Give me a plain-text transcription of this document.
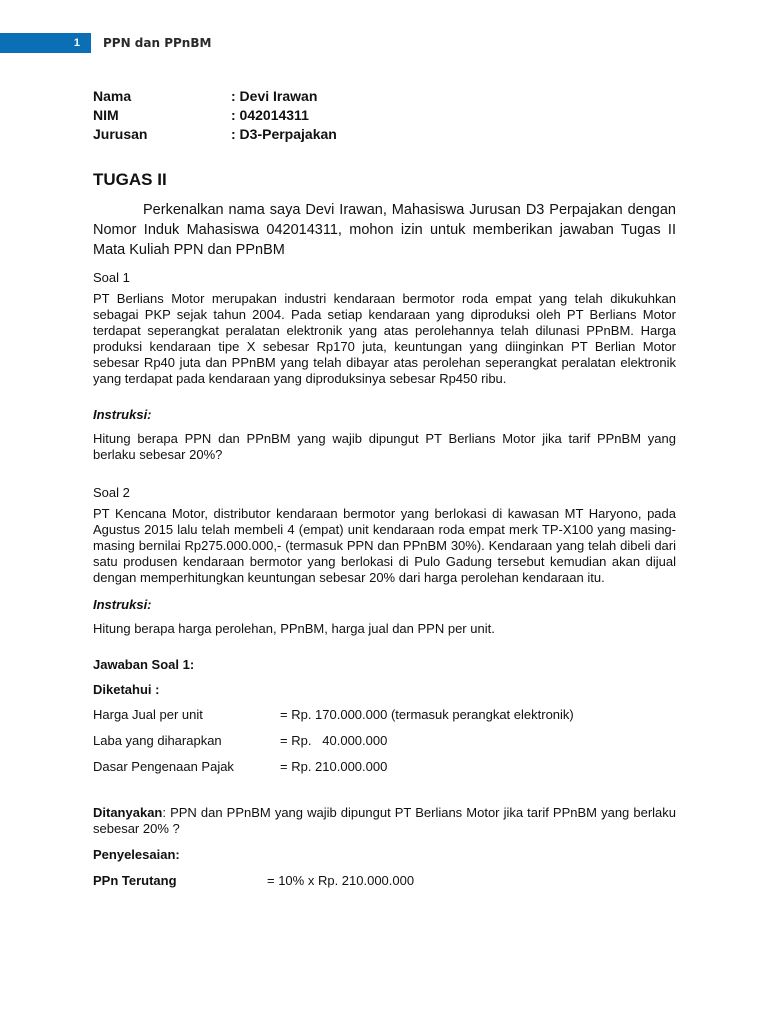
1	PPN dan PPnBM
Nama	: Devi Irawan
NIM	: 042014311
Jurusan	: D3-Perpajakan
TUGAS II

Perkenalkan nama saya Devi Irawan, Mahasiswa Jurusan D3 Perpajakan dengan Nomor Induk Mahasiswa 042014311, mohon izin untuk memberikan jawaban Tugas II Mata Kuliah PPN dan PPnBM

Soal 1

PT Berlians Motor merupakan industri kendaraan bermotor roda empat yang telah dikukuhkan sebagai PKP sejak tahun 2004. Pada setiap kendaraan yang diproduksi oleh PT Berlians Motor terdapat seperangkat peralatan elektronik yang atas perolehannya telah dilunasi PPnBM. Harga produksi kendaraan tipe X sebesar Rp170 juta, keuntungan yang diinginkan PT Berlian Motor sebesar Rp40 juta dan PPnBM yang telah dibayar atas perolehan seperangkat peralatan elektronik yang terdapat pada kendaraan yang diproduksinya sebesar Rp450 ribu.

Instruksi:

Hitung berapa PPN dan PPnBM yang wajib dipungut PT Berlians Motor jika tarif PPnBM yang berlaku sebesar 20%?

Soal 2

PT Kencana Motor, distributor kendaraan bermotor yang berlokasi di kawasan MT Haryono, pada Agustus 2015 lalu telah membeli 4 (empat) unit kendaraan roda empat merk TP-X100 yang masing-masing bernilai Rp275.000.000,- (termasuk PPN dan PPnBM 30%). Kendaraan yang telah dibeli dari satu produsen kendaraan bermotor yang berlokasi di Pulo Gadung tersebut kemudian akan dijual dengan memperhitungkan keuntungan sebesar 20% dari harga perolehan kendaraan itu.

Instruksi:

Hitung berapa harga perolehan, PPnBM, harga jual dan PPN per unit.

Jawaban Soal 1:
Diketahui :
Harga Jual per unit	= Rp. 170.000.000 (termasuk perangkat elektronik)
Laba yang diharapkan	= Rp.   40.000.000
Dasar Pengenaan Pajak	= Rp. 210.000.000

Ditanyakan: PPN dan PPnBM yang wajib dipungut PT Berlians Motor jika tarif PPnBM yang berlaku sebesar 20% ?

Penyelesaian:
PPn Terutang	= 10% x Rp. 210.000.000
